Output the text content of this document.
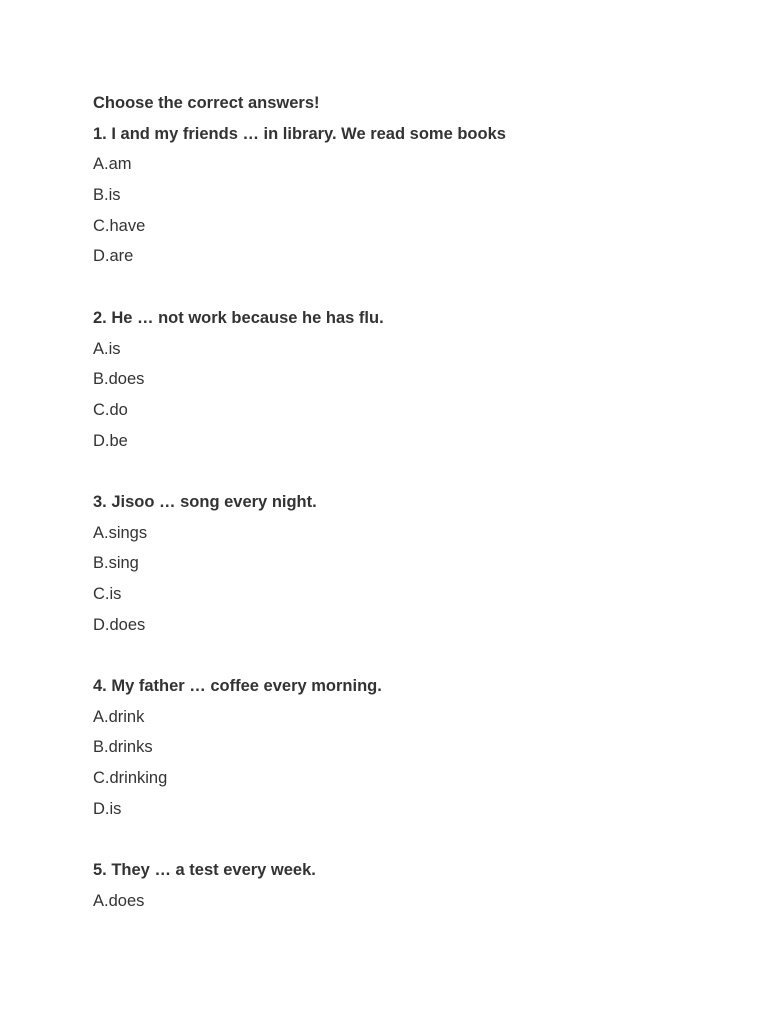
Choose the correct answers!
1. I and my friends … in library. We read some books
A.am
B.is
C.have
D.are
2. He … not work because he has flu.
A.is
B.does
C.do
D.be
3. Jisoo … song every night.
A.sings
B.sing
C.is
D.does
4. My father … coffee every morning.
A.drink
B.drinks
C.drinking
D.is
5. They … a test every week.
A.does
